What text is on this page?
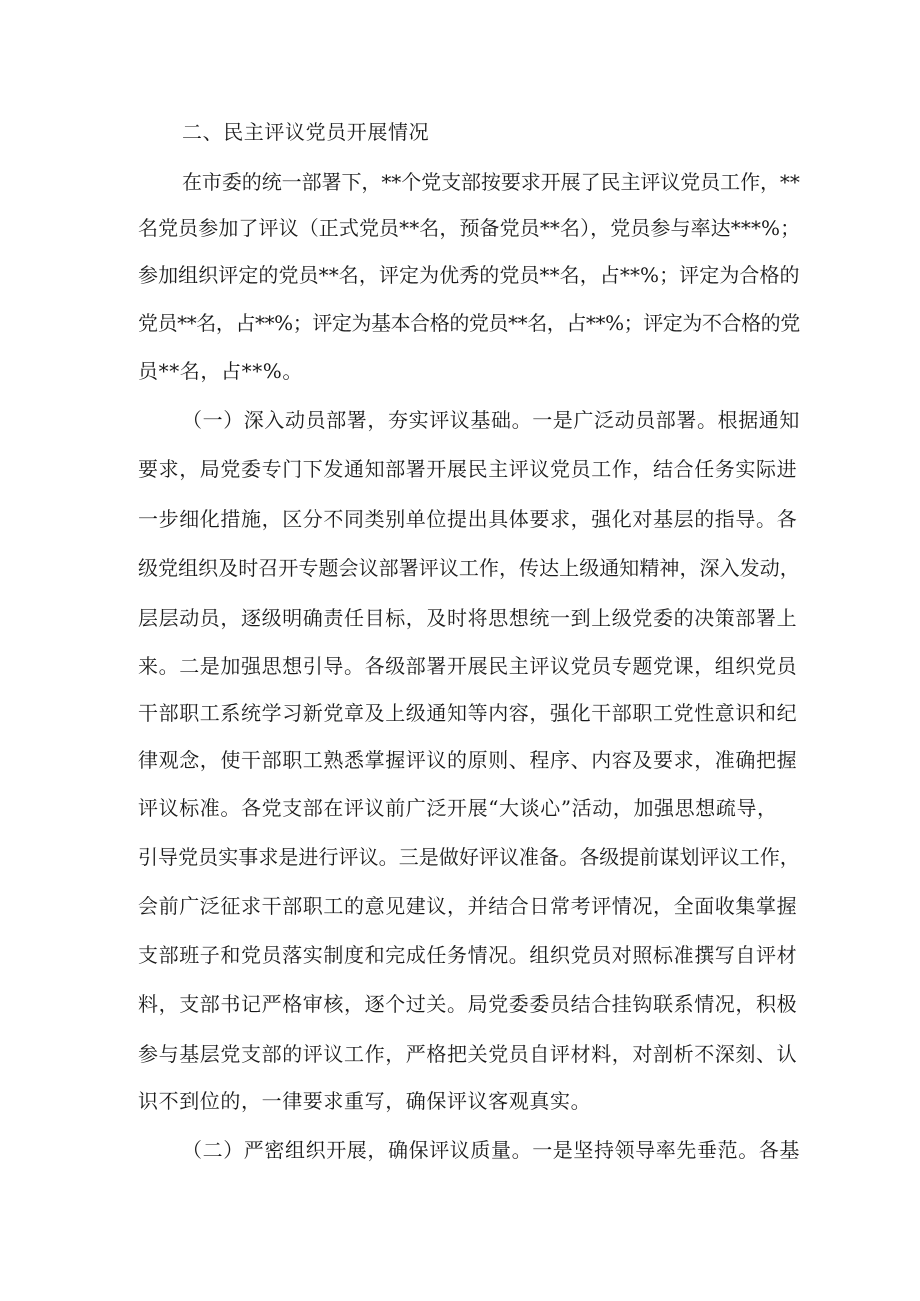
二、民主评议党员开展情况
在市委的统一部署下，**个党支部按要求开展了民主评议党员工作，**
名党员参加了评议（正式党员**名，预备党员**名），党员参与率达***%；
参加组织评定的党员**名，评定为优秀的党员**名，占**%；评定为合格的
党员**名，占**%；评定为基本合格的党员**名，占**%；评定为不合格的党
员**名，占**%。
（一）深入动员部署，夯实评议基础。一是广泛动员部署。根据通知
要求，局党委专门下发通知部署开展民主评议党员工作，结合任务实际进
一步细化措施，区分不同类别单位提出具体要求，强化对基层的指导。各
级党组织及时召开专题会议部署评议工作，传达上级通知精神，深入发动，
层层动员，逐级明确责任目标，及时将思想统一到上级党委的决策部署上
来。二是加强思想引导。各级部署开展民主评议党员专题党课，组织党员
干部职工系统学习新党章及上级通知等内容，强化干部职工党性意识和纪
律观念，使干部职工熟悉掌握评议的原则、程序、内容及要求，准确把握
评议标准。各党支部在评议前广泛开展“大谈心”活动，加强思想疏导，
引导党员实事求是进行评议。三是做好评议准备。各级提前谋划评议工作，
会前广泛征求干部职工的意见建议，并结合日常考评情况，全面收集掌握
支部班子和党员落实制度和完成任务情况。组织党员对照标准撰写自评材
料，支部书记严格审核，逐个过关。局党委委员结合挂钩联系情况，积极
参与基层党支部的评议工作，严格把关党员自评材料，对剖析不深刻、认
识不到位的，一律要求重写，确保评议客观真实。
（二）严密组织开展，确保评议质量。一是坚持领导率先垂范。各基
